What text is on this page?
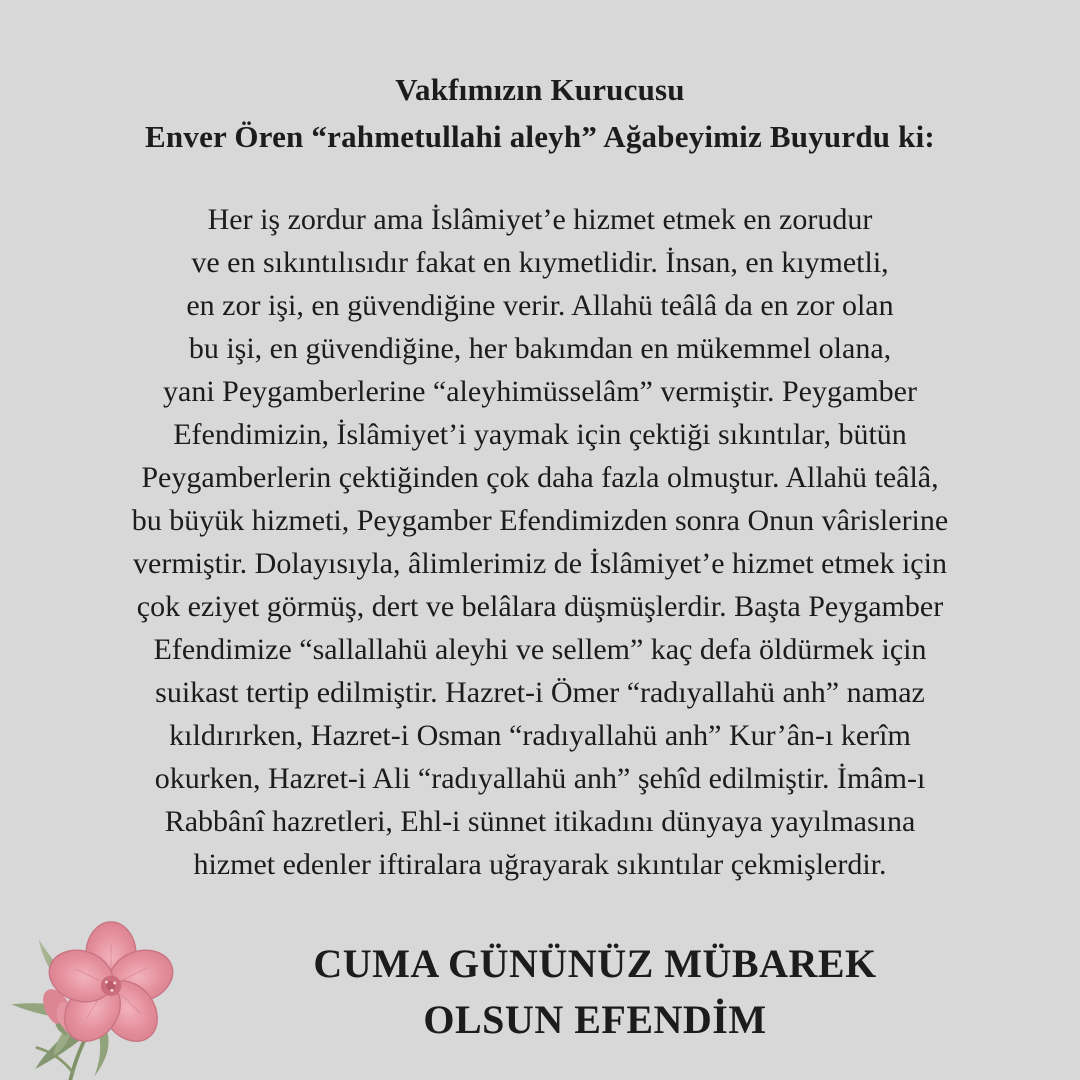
Vakfımızın Kurucusu
Enver Ören “rahmetullahi aleyh” Ağabeyimiz Buyurdu ki:
Her iş zordur ama İslâmiyet’e hizmet etmek en zorudur
ve en sıkıntılısıdır fakat en kıymetlidir. İnsan, en kıymetli,
en zor işi, en güvendiğine verir. Allahü teâlâ da en zor olan
bu işi, en güvendiğine, her bakımdan en mükemmel olana,
yani Peygamberlerine “aleyhimüsselâm” vermiştir. Peygamber
Efendimizin, İslâmiyet’i yaymak için çektiği sıkıntılar, bütün
Peygamberlerin çektiğinden çok daha fazla olmuştur. Allahü teâlâ,
bu büyük hizmeti, Peygamber Efendimizden sonra Onun vârislerine
vermiştir. Dolayısıyla, âlimlerimiz de İslâmiyet’e hizmet etmek için
çok eziyet görmüş, dert ve belâlara düşmüşlerdir. Başta Peygamber
Efendimize “sallallahü aleyhi ve sellem” kaç defa öldürmek için
suikast tertip edilmiştir. Hazret-i Ömer “radıyallahü anh” namaz
kıldırırken, Hazret-i Osman “radıyallahü anh” Kur’ân-ı kerîm
okurken, Hazret-i Ali “radıyallahü anh” şehîd edilmiştir. İmâm-ı
Rabbânî hazretleri, Ehl-i sünnet itikadını dünyaya yayılmasına
hizmet edenler iftiralara uğrayarak sıkıntılar çekmişlerdir.
CUMA GÜNÜNÜZ MÜBAREK
OLSUN EFENDİM
